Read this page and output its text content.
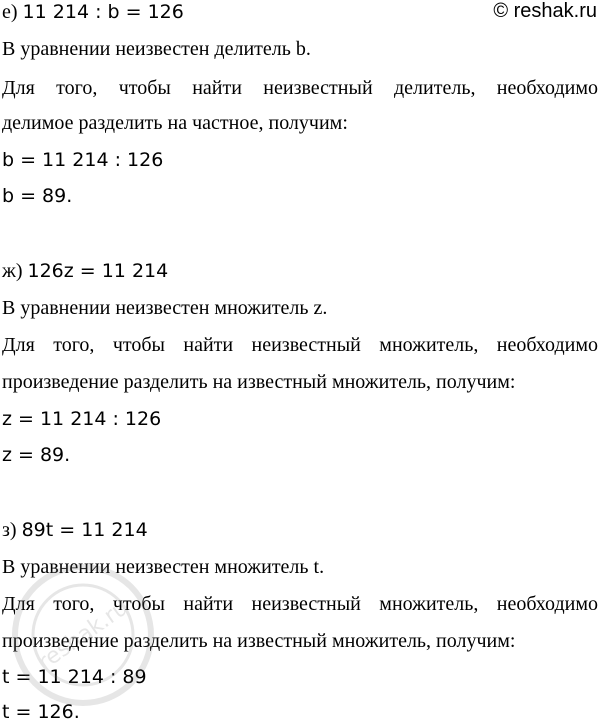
© reshak.ru
е) 11 214 : b = 126
В уравнении неизвестен делитель b.
Для того, чтобы найти неизвестный делитель, необходимо
делимое разделить на частное, получим:
b = 11 214 : 126
b = 89.
ж) 126z = 11 214
В уравнении неизвестен множитель z.
Для того, чтобы найти неизвестный множитель, необходимо
произведение разделить на известный множитель, получим:
z = 11 214 : 126
z = 89.
з) 89t = 11 214
В уравнении неизвестен множитель t.
Для того, чтобы найти неизвестный множитель, необходимо
произведение разделить на известный множитель, получим:
t = 11 214 : 89
t = 126.
reshak.ru
